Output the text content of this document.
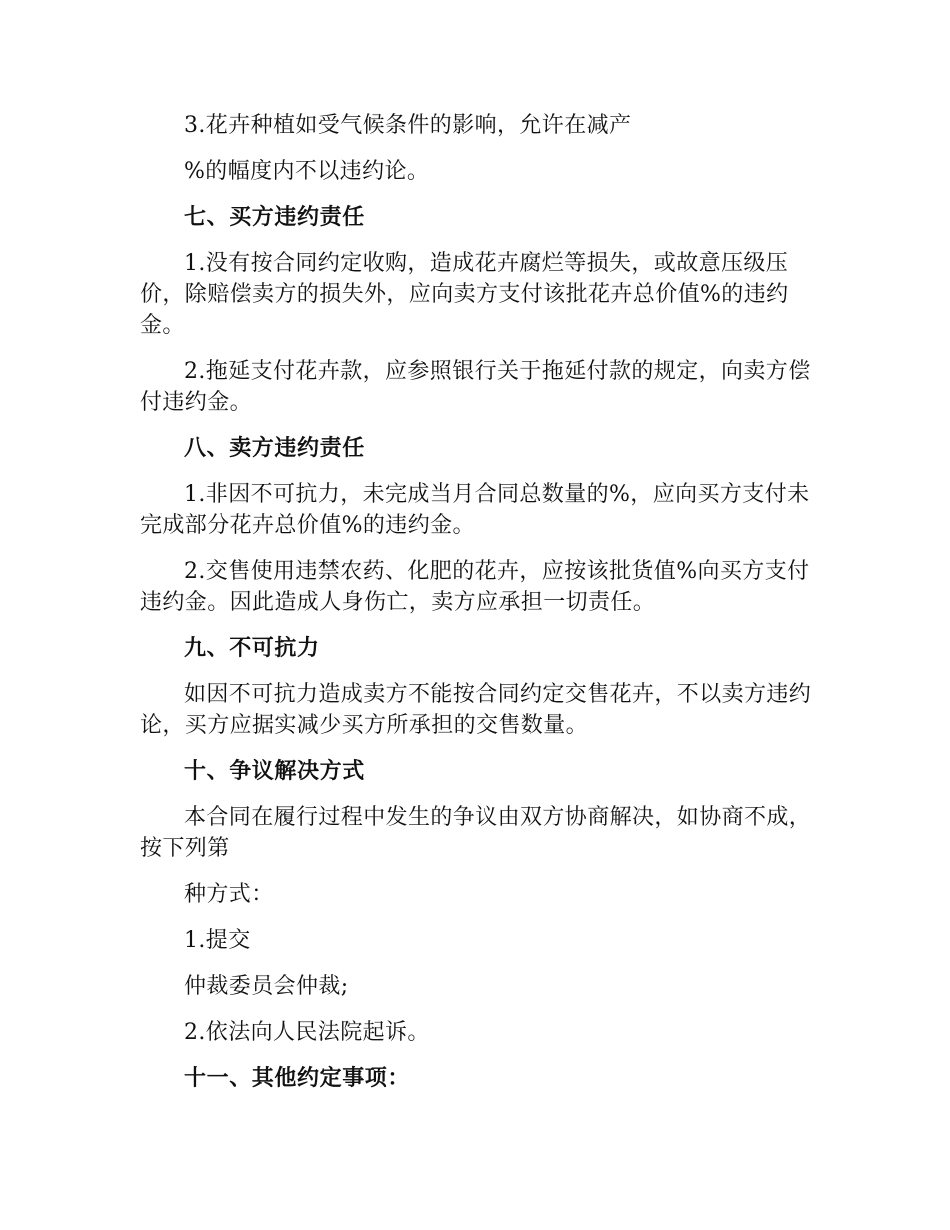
3.花卉种植如受气候条件的影响，允许在减产

%的幅度内不以违约论。

七、买方违约责任

1.没有按合同约定收购，造成花卉腐烂等损失，或故意压级压价，除赔偿卖方的损失外，应向卖方支付该批花卉总价值%的违约金。

2.拖延支付花卉款，应参照银行关于拖延付款的规定，向卖方偿付违约金。

八、卖方违约责任

1.非因不可抗力，未完成当月合同总数量的%，应向买方支付未完成部分花卉总价值%的违约金。

2.交售使用违禁农药、化肥的花卉，应按该批货值%向买方支付违约金。因此造成人身伤亡，卖方应承担一切责任。

九、不可抗力

如因不可抗力造成卖方不能按合同约定交售花卉，不以卖方违约论，买方应据实减少买方所承担的交售数量。

十、争议解决方式

本合同在履行过程中发生的争议由双方协商解决，如协商不成，按下列第

种方式：

1.提交

仲裁委员会仲裁;

2.依法向人民法院起诉。

十一、其他约定事项：
